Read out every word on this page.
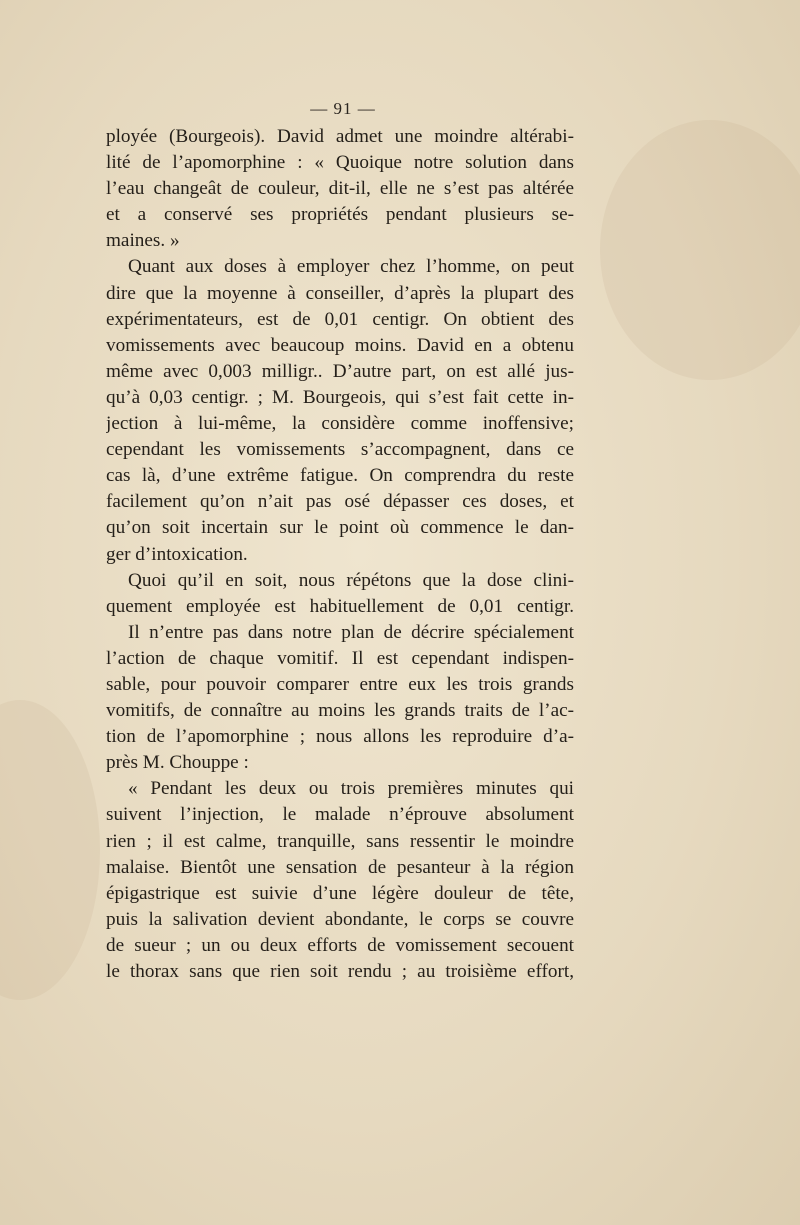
— 91 —
ployée (Bourgeois). David admet une moindre altérabi-
lité de l’apomorphine : « Quoique notre solution dans
l’eau changeât de couleur, dit-il, elle ne s’est pas altérée
et a conservé ses propriétés pendant plusieurs se-
maines. »
Quant aux doses à employer chez l’homme, on peut
dire que la moyenne à conseiller, d’après la plupart des
expérimentateurs, est de 0,01 centigr. On obtient des
vomissements avec beaucoup moins. David en a obtenu
même avec 0,003 milligr.. D’autre part, on est allé jus-
qu’à 0,03 centigr. ; M. Bourgeois, qui s’est fait cette in-
jection à lui-même, la considère comme inoffensive;
cependant les vomissements s’accompagnent, dans ce
cas là, d’une extrême fatigue. On comprendra du reste
facilement qu’on n’ait pas osé dépasser ces doses, et
qu’on soit incertain sur le point où commence le dan-
ger d’intoxication.
Quoi qu’il en soit, nous répétons que la dose clini-
quement employée est habituellement de 0,01 centigr.
Il n’entre pas dans notre plan de décrire spécialement
l’action de chaque vomitif. Il est cependant indispen-
sable, pour pouvoir comparer entre eux les trois grands
vomitifs, de connaître au moins les grands traits de l’ac-
tion de l’apomorphine ; nous allons les reproduire d’a-
près M. Chouppe :
« Pendant les deux ou trois premières minutes qui
suivent l’injection, le malade n’éprouve absolument
rien ; il est calme, tranquille, sans ressentir le moindre
malaise. Bientôt une sensation de pesanteur à la région
épigastrique est suivie d’une légère douleur de tête,
puis la salivation devient abondante, le corps se couvre
de sueur ; un ou deux efforts de vomissement secouent
le thorax sans que rien soit rendu ; au troisième effort,
